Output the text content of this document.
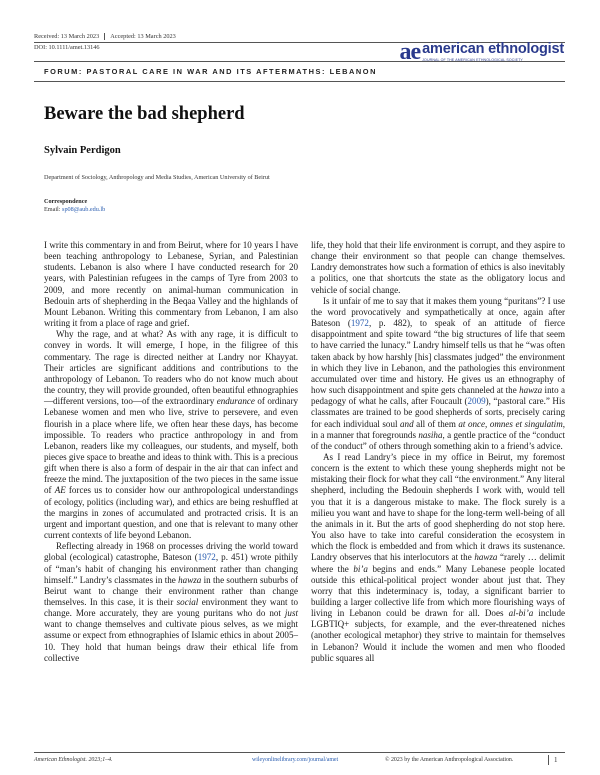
Received: 13 March 2023 Accepted: 13 March 2023
DOI: 10.1111/amet.13146	ae american ethnologist
JOURNAL OF THE AMERICAN ETHNOLOGICAL SOCIETY
FORUM: PASTORAL CARE IN WAR AND ITS AFTERMATHS: LEBANON
Beware the bad shepherd
Sylvain Perdigon
Department of Sociology, Anthropology and Media Studies, American University of Beirut
Correspondence
Email: sp08@aub.edu.lb

I write this commentary in and from Beirut, where for 10 years I have been teaching anthropology to Lebanese, Syrian, and Palestinian students. Lebanon is also where I have conducted research for 20 years, with Palestinian refugees in the camps of Tyre from 2003 to 2009, and more recently on animal-human communication in Bedouin arts of shepherding in the Beqaa Valley and the highlands of Mount Lebanon. Writing this commentary from Lebanon, I am also writing it from a place of rage and grief.

Why the rage, and at what? As with any rage, it is difficult to convey in words. It will emerge, I hope, in the filigree of this commentary. The rage is directed neither at Landry nor Khayyat. Their articles are significant additions and contributions to the anthropology of Lebanon. To readers who do not know much about the country, they will provide grounded, often beautiful ethnographies—different versions, too—of the extraordinary endurance of ordinary Lebanese women and men who live, strive to persevere, and even flourish in a place where life, we often hear these days, has become impossible. To readers who practice anthropology in and from Lebanon, readers like my colleagues, our students, and myself, both pieces give space to breathe and ideas to think with. This is a precious gift when there is also a form of despair in the air that can infect and freeze the mind. The juxtaposition of the two pieces in the same issue of AE forces us to consider how our anthropological understandings of ecology, politics (including war), and ethics are being reshuffled at the margins in zones of accumulated and protracted crisis. It is an urgent and important question, and one that is relevant to many other current contexts of life beyond Lebanon.

Reflecting already in 1968 on processes driving the world toward global (ecological) catastrophe, Bateson (1972, p. 451) wrote pithily of “man’s habit of changing his environment rather than changing himself.” Landry’s classmates in the hawza in the southern suburbs of Beirut want to change their environment rather than change themselves. In this case, it is their social environment they want to change. More accurately, they are young puritans who do not just want to change themselves and cultivate pious selves, as we might assume or expect from ethnographies of Islamic ethics in about 2005–10. They hold that human beings draw their ethical life from collective

life, they hold that their life environment is corrupt, and they aspire to change their environment so that people can change themselves. Landry demonstrates how such a formation of ethics is also inevitably a politics, one that shortcuts the state as the obligatory locus and vehicle of social change.

Is it unfair of me to say that it makes them young “puritans”? I use the word provocatively and sympathetically at once, again after Bateson (1972, p. 482), to speak of an attitude of fierce disappointment and spite toward “the big structures of life that seem to have carried the lunacy.” Landry himself tells us that he “was often taken aback by how harshly [his] classmates judged” the environment in which they live in Lebanon, and the pathologies this environment accumulated over time and history. He gives us an ethnography of how such disappointment and spite gets channeled at the hawza into a pedagogy of what he calls, after Foucault (2009), “pastoral care.” His classmates are trained to be good shepherds of sorts, precisely caring for each individual soul and all of them at once, omnes et singulatim, in a manner that foregrounds nasiha, a gentle practice of the “conduct of the conduct” of others through something akin to a friend’s advice.

As I read Landry’s piece in my office in Beirut, my foremost concern is the extent to which these young shepherds might not be mistaking their flock for what they call “the environment.” Any literal shepherd, including the Bedouin shepherds I work with, would tell you that it is a dangerous mistake to make. The flock surely is a milieu you want and have to shape for the long-term well-being of all the animals in it. But the arts of good shepherding do not stop here. You also have to take into careful consideration the ecosystem in which the flock is embedded and from which it draws its sustenance. Landry observes that his interlocutors at the hawza “rarely … delimit where the bi’a begins and ends.” Many Lebanese people located outside this ethical-political project wonder about just that. They worry that this indeterminacy is, today, a significant barrier to building a larger collective life from which more flourishing ways of living in Lebanon could be drawn for all. Does al-bi’a include LGBTIQ+ subjects, for example, and the ever-threatened niches (another ecological metaphor) they strive to maintain for themselves in Lebanon? Would it include the women and men who flooded public squares all

American Ethnologist. 2023;1–4.	wileyonlinelibrary.com/journal/amet	© 2023 by the American Anthropological Association.	1
